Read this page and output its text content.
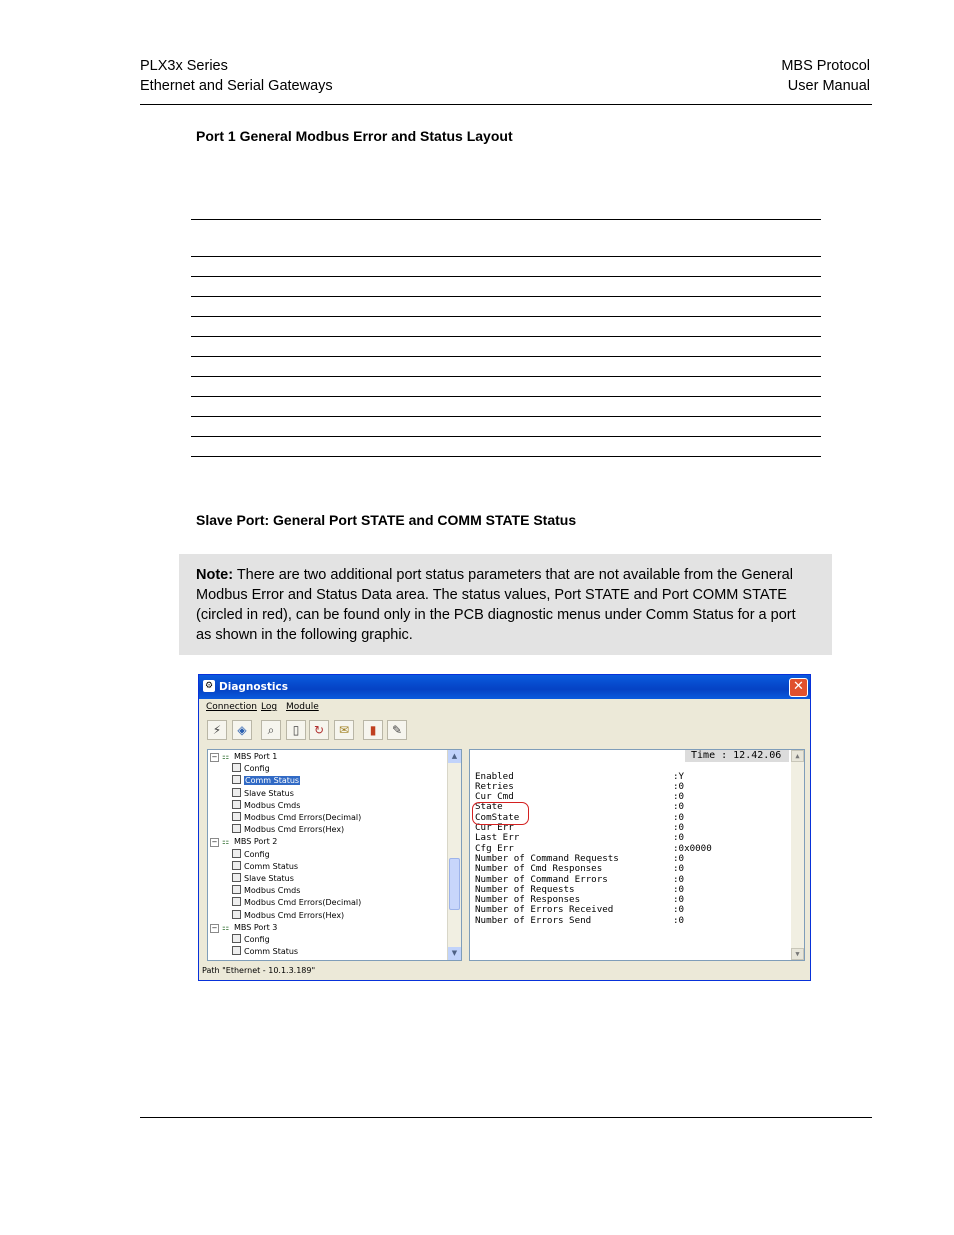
PLX3x Series
Ethernet and Serial Gateways
MBS Protocol
User Manual
Port 1 General Modbus Error and Status Layout
Slave Port: General Port STATE and COMM STATE Status

Note: There are two additional port status parameters that are not available from the General Modbus Error and Status Data area. The status values, Port STATE and Port COMM STATE (circled in red), can be found only in the PCB diagnostic menus under Comm Status for a port as shown in the following graphic.

⚙ Diagnostics	✕
Connection Log Module
⚡	◈	⌕	▯	↻	✉	▮	✎
▲
▼
− ⚏ MBS Port 1
Config
Comm Status
Slave Status
Modbus Cmds
Modbus Cmd Errors(Decimal)
Modbus Cmd Errors(Hex)
− ⚏ MBS Port 2
Config
Comm Status
Slave Status
Modbus Cmds
Modbus Cmd Errors(Decimal)
Modbus Cmd Errors(Hex)
− ⚏ MBS Port 3
Config
Comm Status
Time : 12.42.06	▲
▼
Enabled	:Y
Retries	:0
Cur Cmd	:0
State	:0
ComState	:0
Cur Err	:0
Last Err	:0
Cfg Err	:0x0000
Number of Command Requests	:0
Number of Cmd Responses	:0
Number of Command Errors	:0
Number of Requests	:0
Number of Responses	:0
Number of Errors Received	:0
Number of Errors Send	:0
Path "Ethernet - 10.1.3.189"
